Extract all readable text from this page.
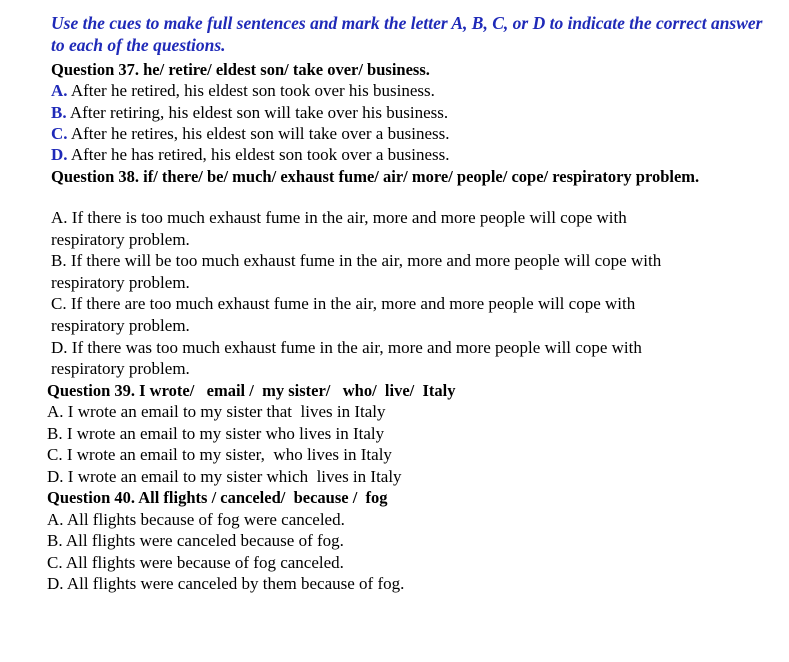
Use the cues to make full sentences and mark the letter A, B, C, or D to indicate the correct answer to each of the questions.
Question 37. he/ retire/ eldest son/ take over/ business.
A. After he retired, his eldest son took over his business.
B. After retiring, his eldest son will take over his business.
C. After he retires, his eldest son will take over a business.
D. After he has retired, his eldest son took over a business.
Question 38. if/ there/ be/ much/ exhaust fume/ air/ more/ people/ cope/ respiratory problem.
A. If there is too much exhaust fume in the air, more and more people will cope with
respiratory problem.
B. If there will be too much exhaust fume in the air, more and more people will cope with
respiratory problem.
C. If there are too much exhaust fume in the air, more and more people will cope with
respiratory problem.
D. If there was too much exhaust fume in the air, more and more people will cope with
respiratory problem.
Question 39. I wrote/   email /  my sister/   who/  live/  Italy
A. I wrote an email to my sister that  lives in Italy
B. I wrote an email to my sister who lives in Italy
C. I wrote an email to my sister,  who lives in Italy
D. I wrote an email to my sister which  lives in Italy
Question 40. All flights / canceled/  because /  fog
A. All flights because of fog were canceled.
B. All flights were canceled because of fog.
C. All flights were because of fog canceled.
D. All flights were canceled by them because of fog.
